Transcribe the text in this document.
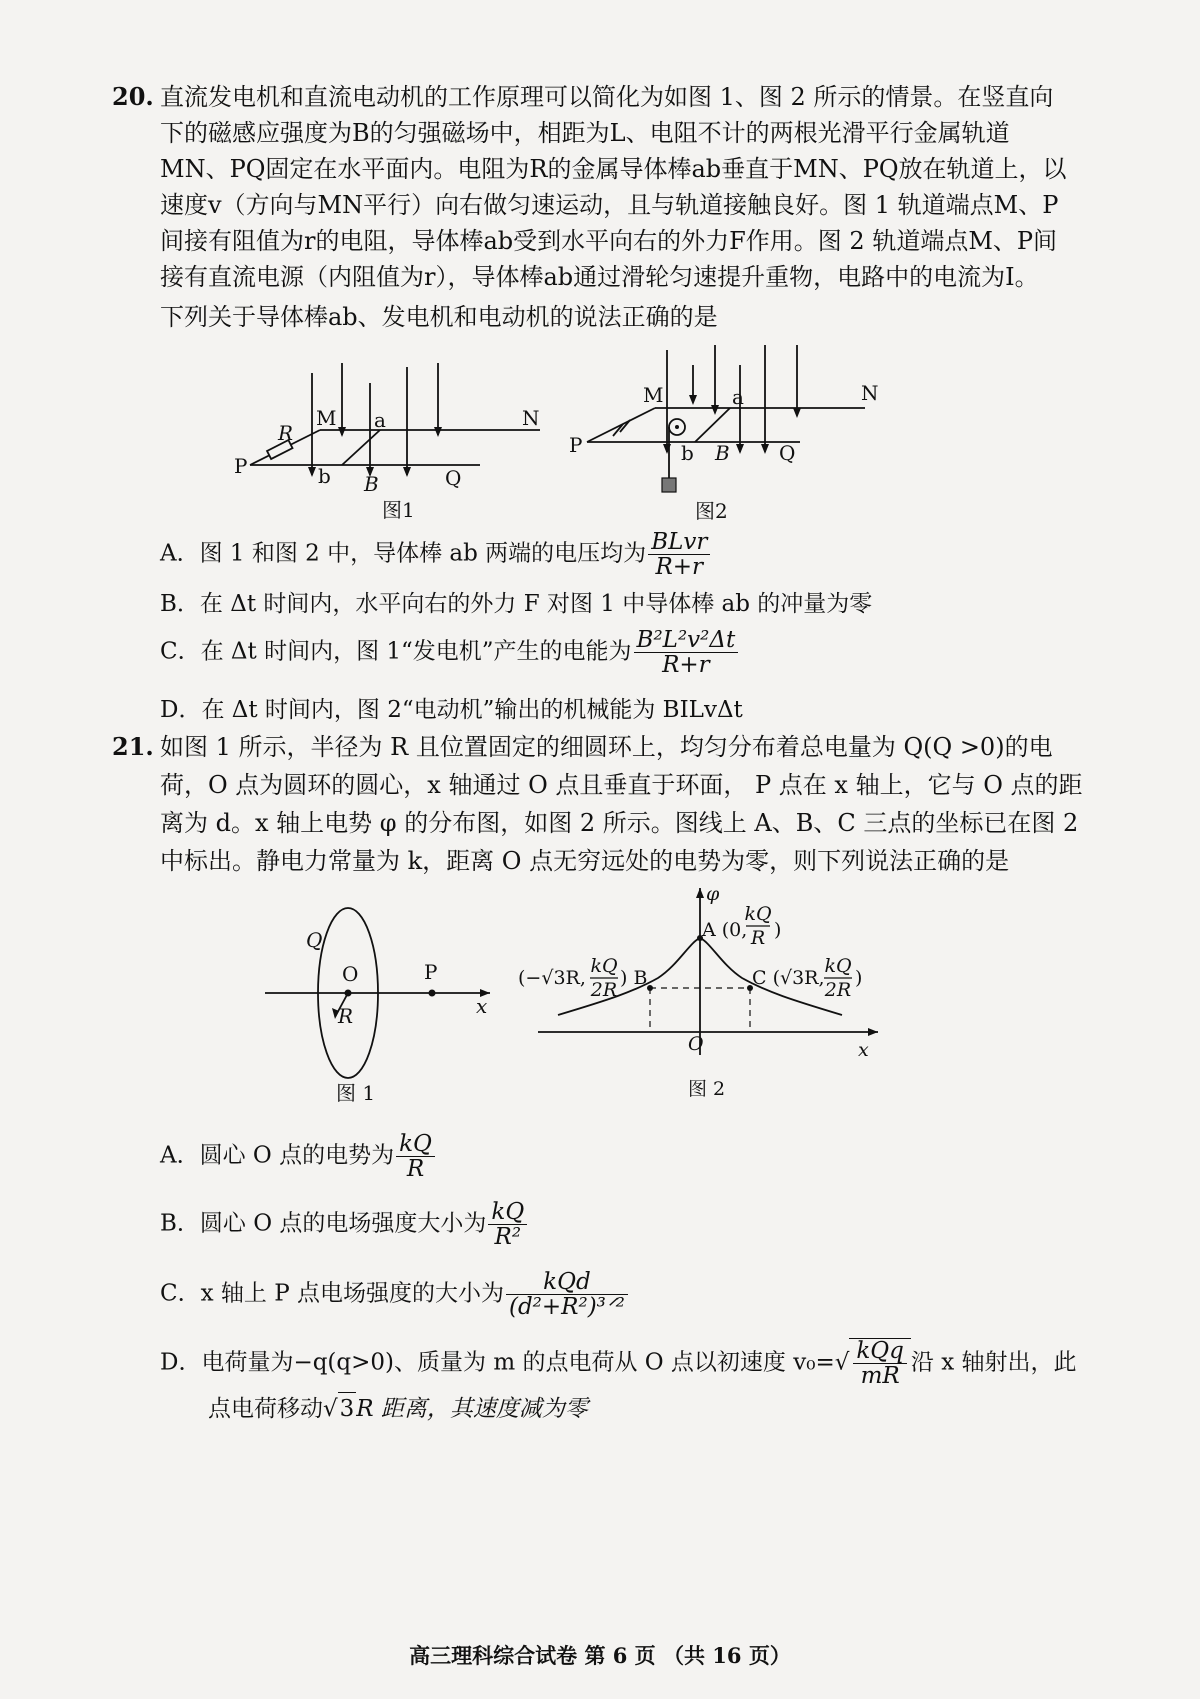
20. 直流发电机和直流电动机的工作原理可以简化为如图 1、图 2 所示的情景。在竖直向
下的磁感应强度为B的匀强磁场中，相距为L、电阻不计的两根光滑平行金属轨道
MN、PQ固定在水平面内。电阻为R的金属导体棒ab垂直于MN、PQ放在轨道上，以
速度v（方向与MN平行）向右做匀速运动，且与轨道接触良好。图 1 轨道端点M、P
间接有阻值为r的电阻，导体棒ab受到水平向右的外力F作用。图 2 轨道端点M、P间
接有直流电源（内阻值为r），导体棒ab通过滑轮匀速提升重物，电路中的电流为I。
下列关于导体棒ab、发电机和电动机的说法正确的是
M	N
P	Q
a
b
R
B
图1
M	N
P	Q
a
b B
图2
A．图 1 和图 2 中，导体棒 ab 两端的电压均为 $\frac{\text{BLvr}}{R+r}$
B．在 Δt 时间内，水平向右的外力 F 对图 1 中导体棒 ab 的冲量为零
C．在 Δt 时间内，图 1“发电机”产生的电能为 $\frac{\text{B²L²v²Δt}}{R+r}$
D．在 Δt 时间内，图 2“电动机”输出的机械能为 BILvΔt
21. 如图 1 所示，半径为 R 且位置固定的细圆环上，均匀分布着总电量为 Q(Q >0)的电
荷，O 点为圆环的圆心，x 轴通过 O 点且垂直于环面， P 点在 x 轴上，它与 O 点的距
离为 d。x 轴上电势 φ 的分布图，如图 2 所示。图线上 A、B、C 三点的坐标已在图 2
中标出。静电力常量为 k，距离 O 点无穷远处的电势为零，则下列说法正确的是
Q
O	P
x
R
图 1
φ
x
O
A (0,
kQ
R )
(−√3R,
kQ
2R
) B	C (√3R,
kQ
2R
)
图 2
A．圆心 O 点的电势为 $\frac{kQ}{R}$
B．圆心 O 点的电场强度大小为 $\frac{kQ}{\text{R²}}$
C．x 轴上 P 点电场强度的大小为 $\frac{\text{kQd}}{\text{(d²+R²)³ᐟ²}}$
D．电荷量为−q(q>0)、质量为 m 的点电荷从 O 点以初速度 $v_0=√ \frac{\text{kQq}}{mR}$ 沿 x 轴射出，此
点电荷移动√3R 距离，其速度减为零
高三理科综合试卷 第 6 页 （共 16 页）
